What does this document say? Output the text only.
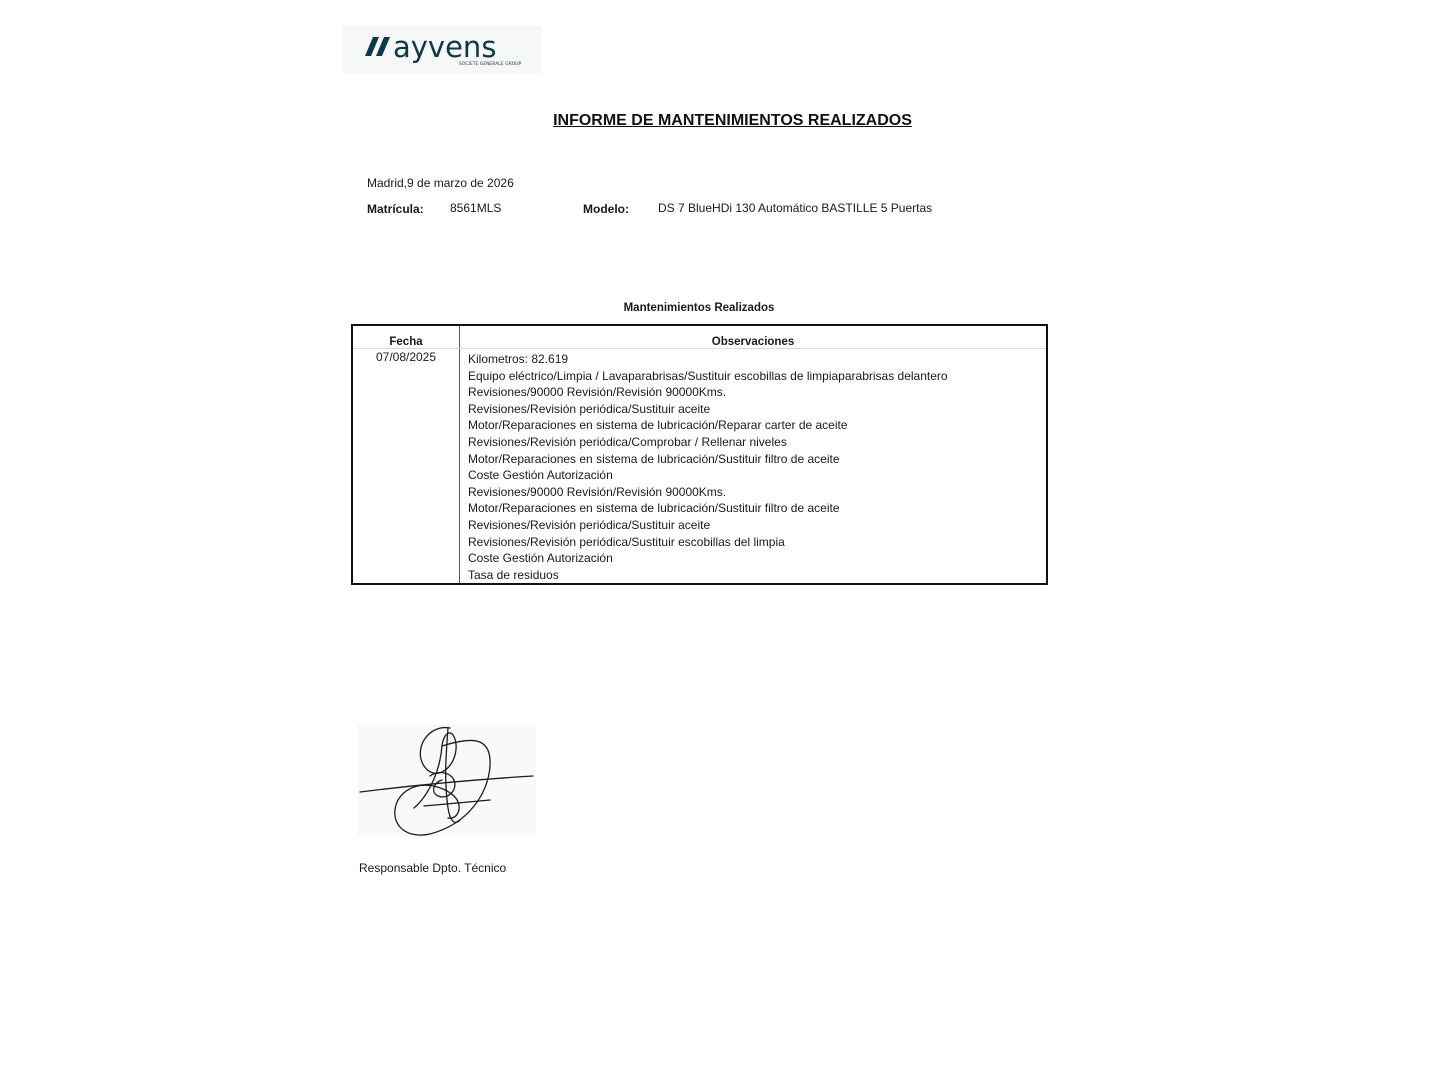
ayvens
SOCIETE GENERALE GROUP
INFORME DE MANTENIMIENTOS REALIZADOS
Madrid,9 de marzo de 2026
Matrícula: 8561MLS	Modelo: DS 7 BlueHDi 130 Automático BASTILLE 5 Puertas
Mantenimientos Realizados
Fecha	Observaciones
07/08/2025	Kilometros: 82.619
Equipo eléctrico/Limpia / Lavaparabrisas/Sustituir escobillas de limpiaparabrisas delantero
Revisiones/90000 Revisión/Revisión 90000Kms.
Revisiones/Revisión periódica/Sustituir aceite
Motor/Reparaciones en sistema de lubricación/Reparar carter de aceite
Revisiones/Revisión periódica/Comprobar / Rellenar niveles
Motor/Reparaciones en sistema de lubricación/Sustituir filtro de aceite
Coste Gestión Autorización
Revisiones/90000 Revisión/Revisión 90000Kms.
Motor/Reparaciones en sistema de lubricación/Sustituir filtro de aceite
Revisiones/Revisión periódica/Sustituir aceite
Revisiones/Revisión periódica/Sustituir escobillas del limpia
Coste Gestión Autorización
Tasa de residuos
Responsable Dpto. Técnico
